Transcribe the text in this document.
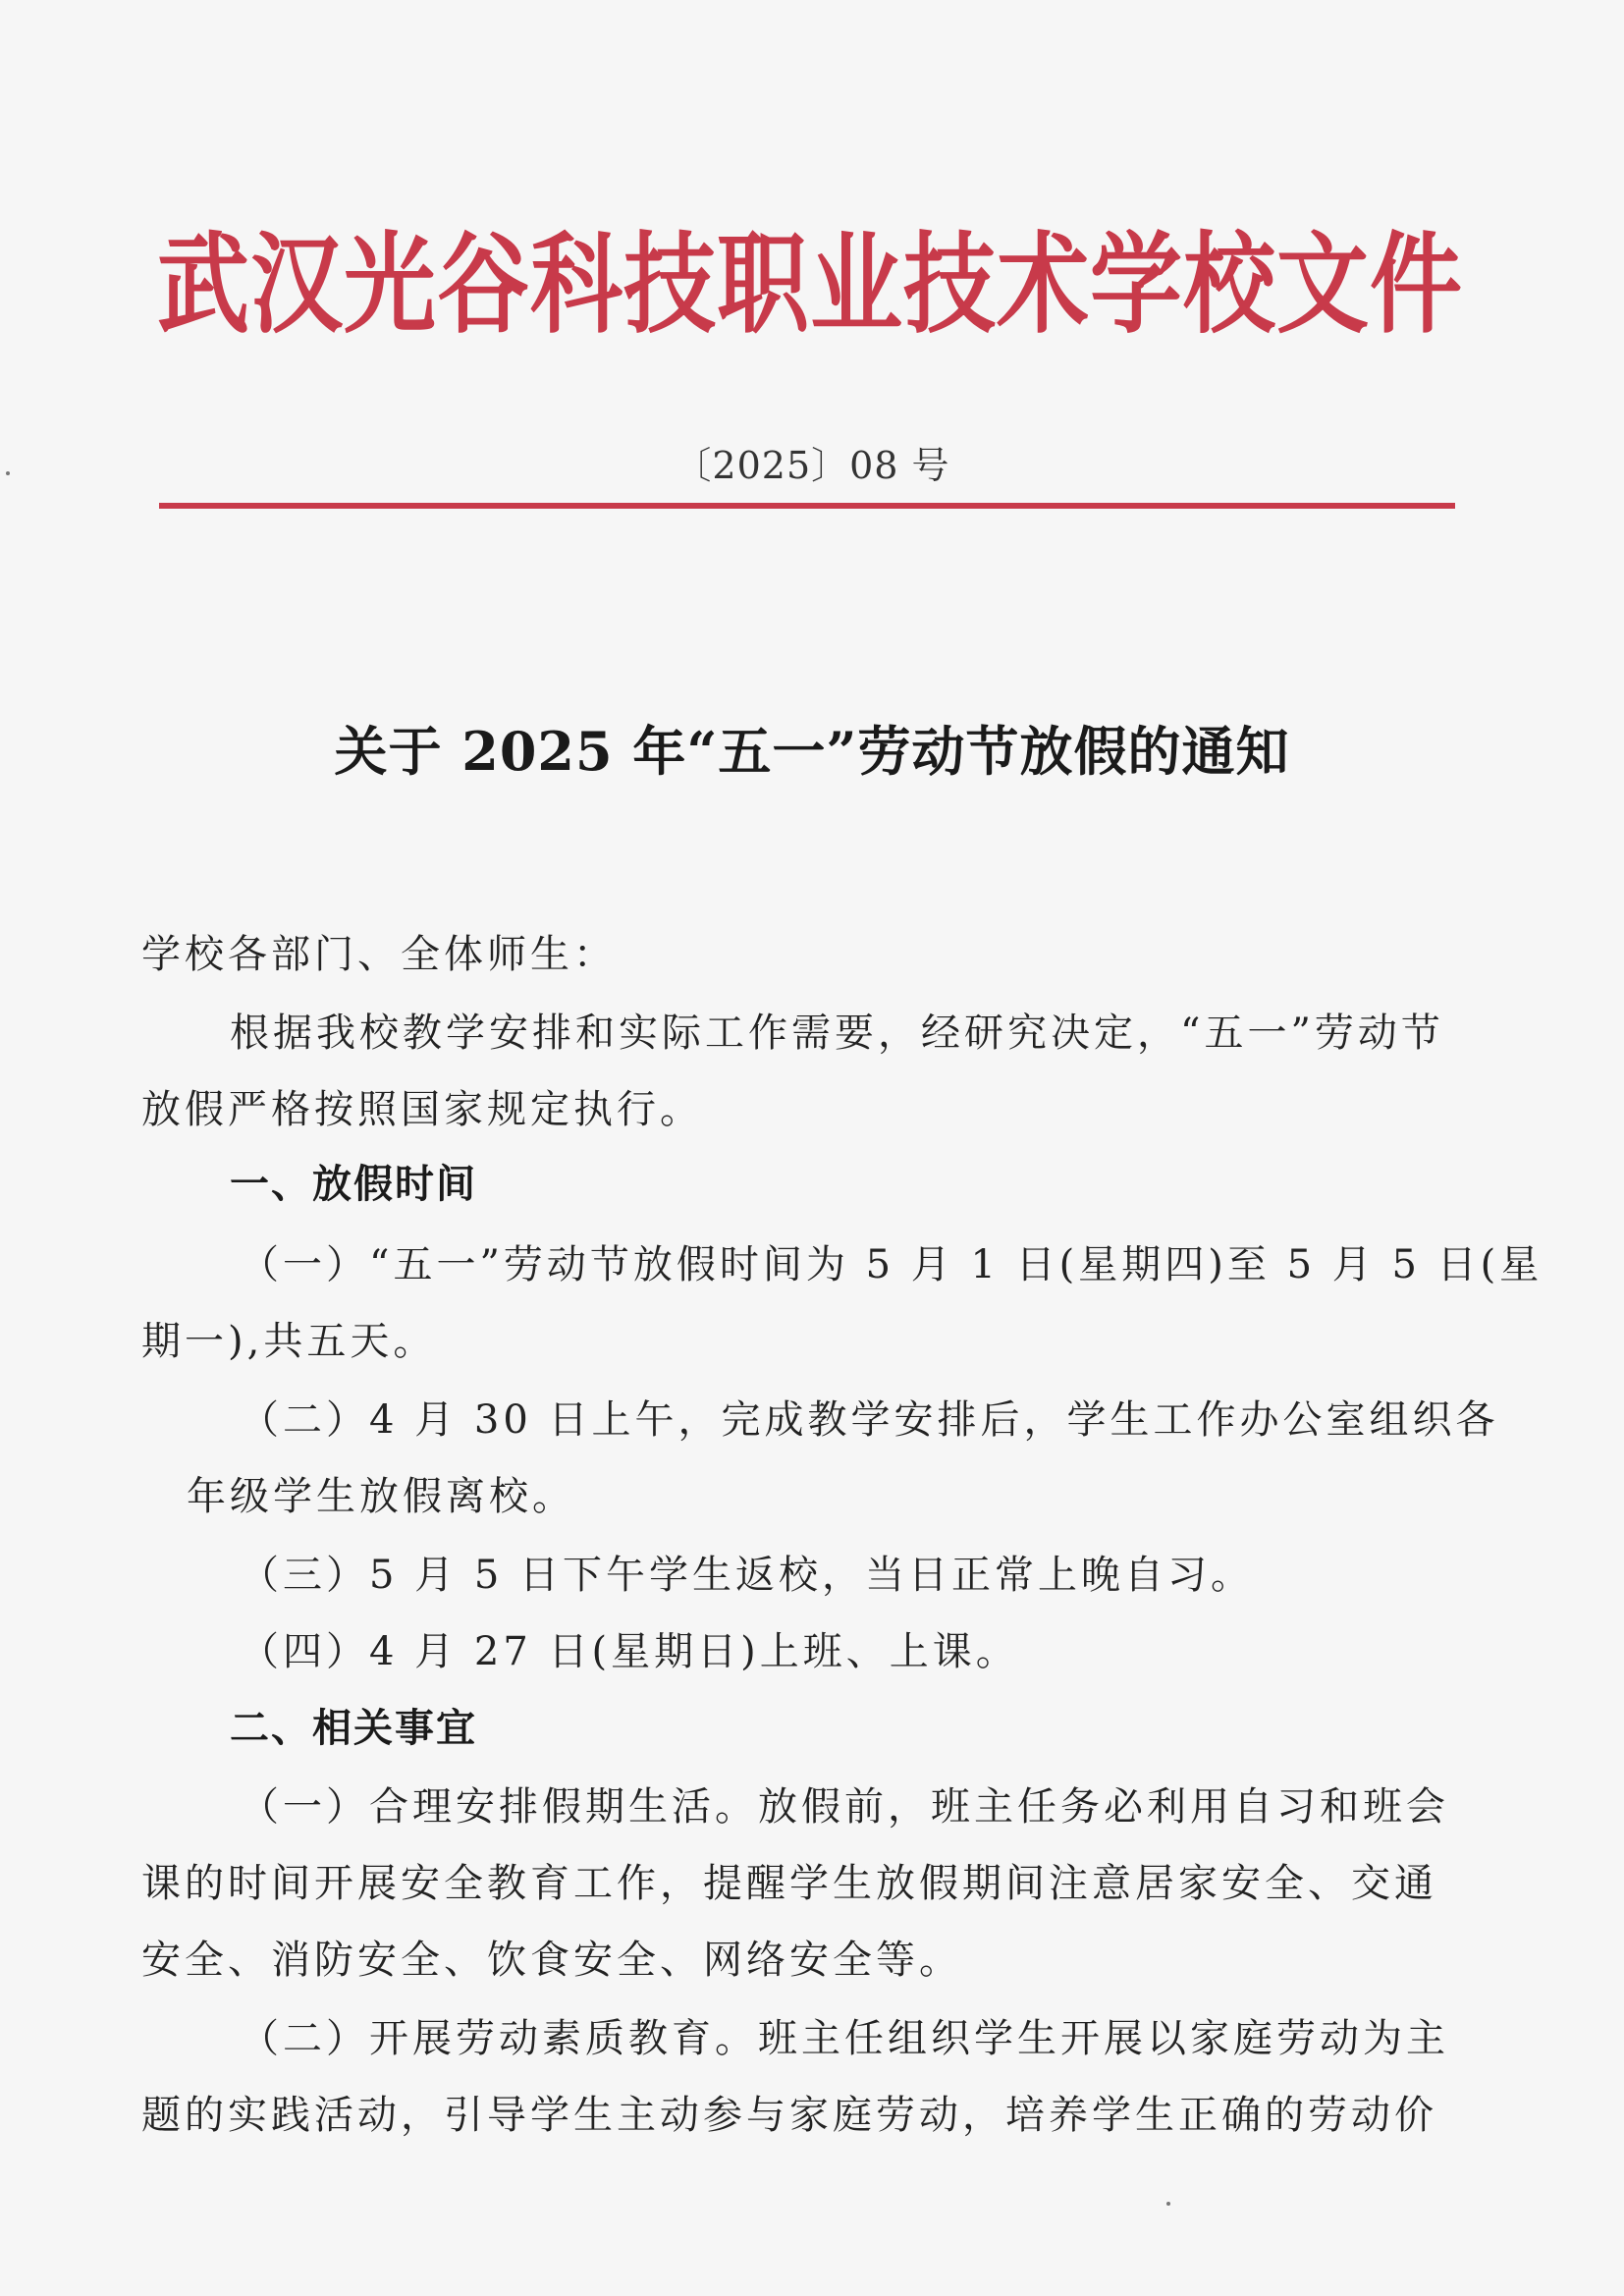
武汉光谷科技职业技术学校文件
〔2025〕08 号
关于 2025 年“五一”劳动节放假的通知
学校各部门、全体师生：
根据我校教学安排和实际工作需要，经研究决定，“五一”劳动节
放假严格按照国家规定执行。
一、放假时间
（一）“五一”劳动节放假时间为 5 月 1 日(星期四)至 5 月 5 日(星
期一),共五天。
（二）4 月 30 日上午，完成教学安排后，学生工作办公室组织各
年级学生放假离校。
（三）5 月 5 日下午学生返校，当日正常上晚自习。
（四）4 月 27 日(星期日)上班、上课。
二、相关事宜
（一）合理安排假期生活。放假前，班主任务必利用自习和班会
课的时间开展安全教育工作，提醒学生放假期间注意居家安全、交通
安全、消防安全、饮食安全、网络安全等。
（二）开展劳动素质教育。班主任组织学生开展以家庭劳动为主
题的实践活动，引导学生主动参与家庭劳动，培养学生正确的劳动价
